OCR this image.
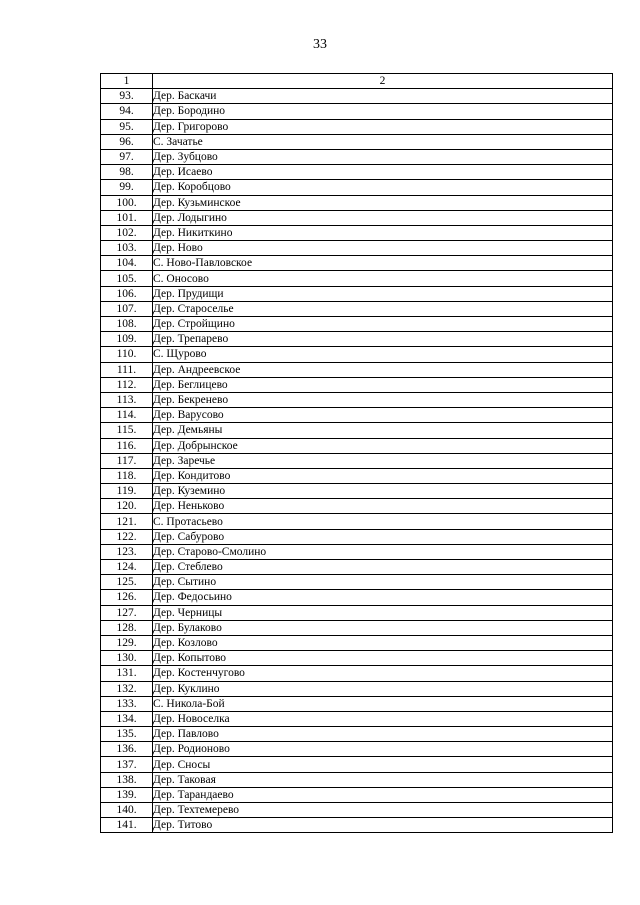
33
1	2
93.	Дер. Баскачи
94.	Дер. Бородино
95.	Дер. Григорово
96.	С. Зачатье
97.	Дер. Зубцово
98.	Дер. Исаево
99.	Дер. Коробцово
100.	Дер. Кузьминское
101.	Дер. Лодыгино
102.	Дер. Никиткино
103.	Дер. Ново
104.	С. Ново-Павловское
105.	С. Оносово
106.	Дер. Прудищи
107.	Дер. Староселье
108.	Дер. Стройщино
109.	Дер. Трепарево
110.	С. Щурово
111.	Дер. Андреевское
112.	Дер. Беглицево
113.	Дер. Бекренево
114.	Дер. Варусово
115.	Дер. Демьяны
116.	Дер. Добрынское
117.	Дер. Заречье
118.	Дер. Кондитово
119.	Дер. Куземино
120.	Дер. Неньково
121.	С. Протасьево
122.	Дер. Сабурово
123.	Дер. Старово-Смолино
124.	Дер. Стеблево
125.	Дер. Сытино
126.	Дер. Федосьино
127.	Дер. Черницы
128.	Дер. Булаково
129.	Дер. Козлово
130.	Дер. Копытово
131.	Дер. Костенчугово
132.	Дер. Куклино
133.	С. Никола-Бой
134.	Дер. Новоселка
135.	Дер. Павлово
136.	Дер. Родионово
137.	Дер. Сносы
138.	Дер. Таковая
139.	Дер. Тарандаево
140.	Дер. Техтемерево
141.	Дер. Титово
